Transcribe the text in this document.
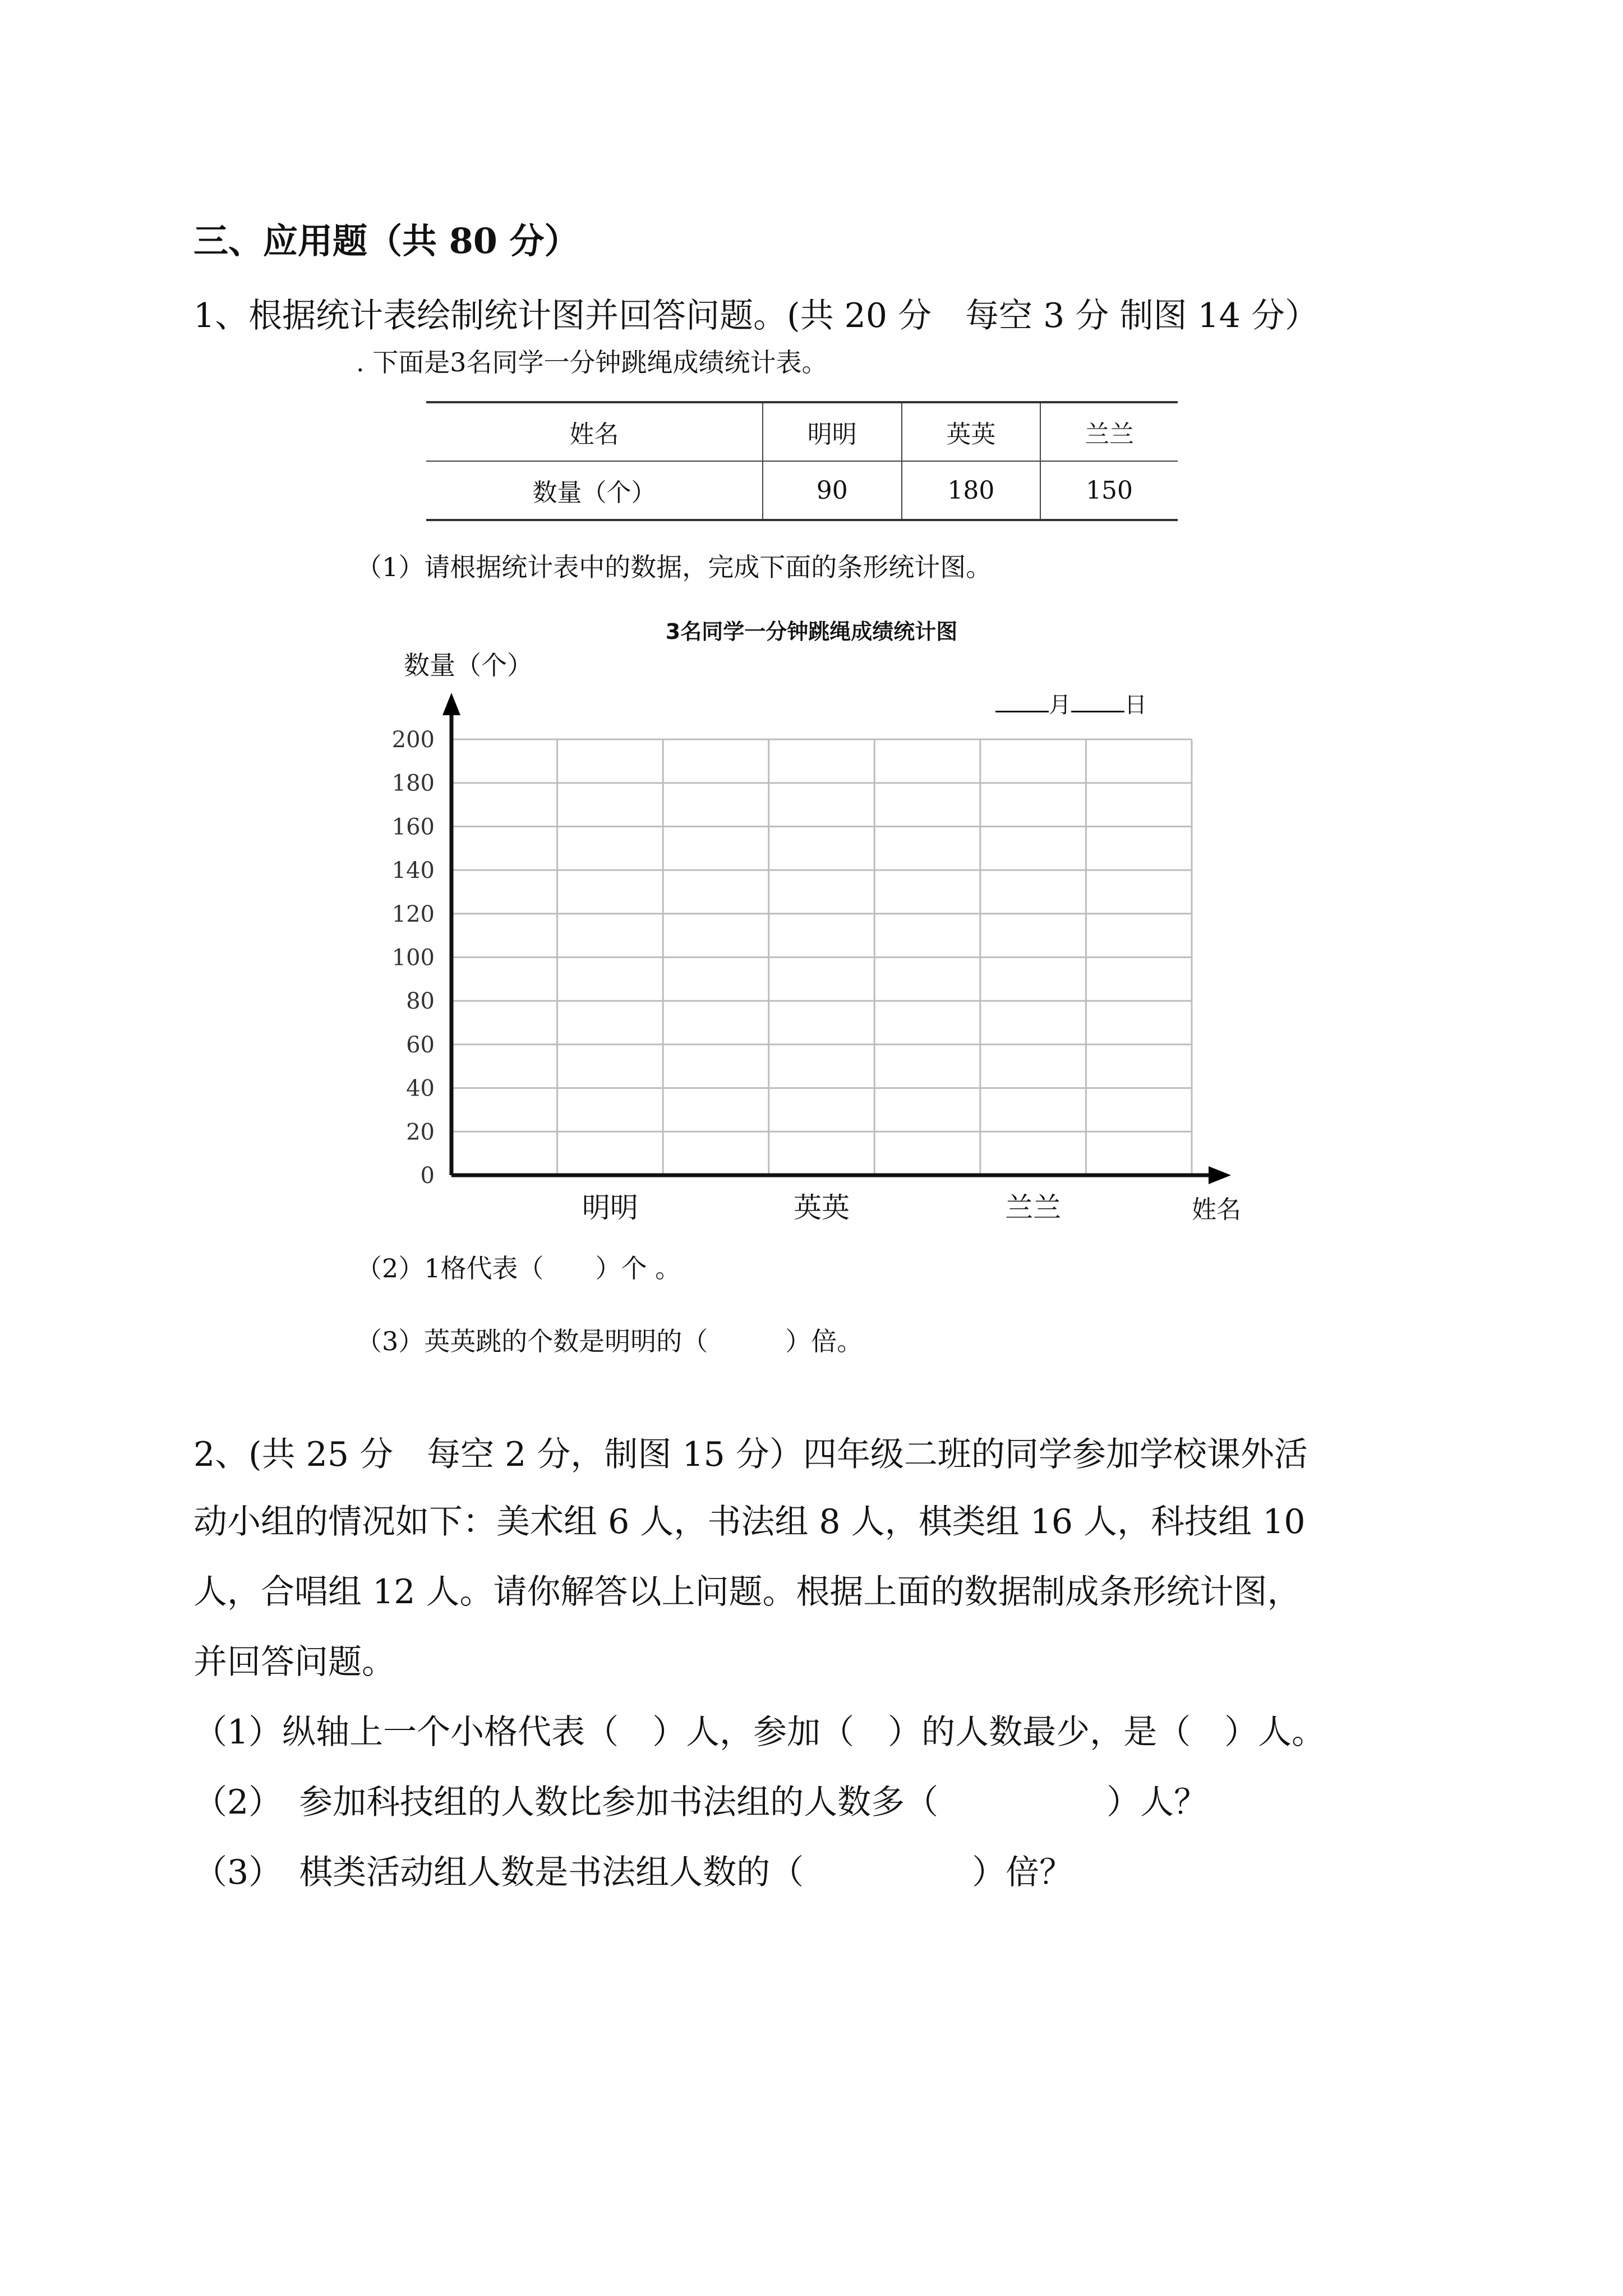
三、应用题（共 80 分）
1、根据统计表绘制统计图并回答问题。(共 20 分　每空 3 分 制图 14 分）
. 下面是3名同学一分钟跳绳成绩统计表。
姓名	明明	英英	兰兰
数量（个）	90	180	150
（1）请根据统计表中的数据，完成下面的条形统计图。
3名同学一分钟跳绳成绩统计图
数量（个）
月 日
0
20
40
60
80
100
120
140
160
180
200
明明	英英	兰兰	姓名
（2）1格代表（　　）个 。
（3）英英跳的个数是明明的（　　　）倍。
2、(共 25 分　每空 2 分，制图 15 分）四年级二班的同学参加学校课外活
动小组的情况如下：美术组 6 人，书法组 8 人，棋类组 16 人，科技组 10
人，合唱组 12 人。请你解答以上问题。根据上面的数据制成条形统计图，
并回答问题。
（1）纵轴上一个小格代表（　）人，参加（　）的人数最少，是（　）人。
（2）　参加科技组的人数比参加书法组的人数多（　　　　　）人？
（3）　棋类活动组人数是书法组人数的（　　　　　）倍？
